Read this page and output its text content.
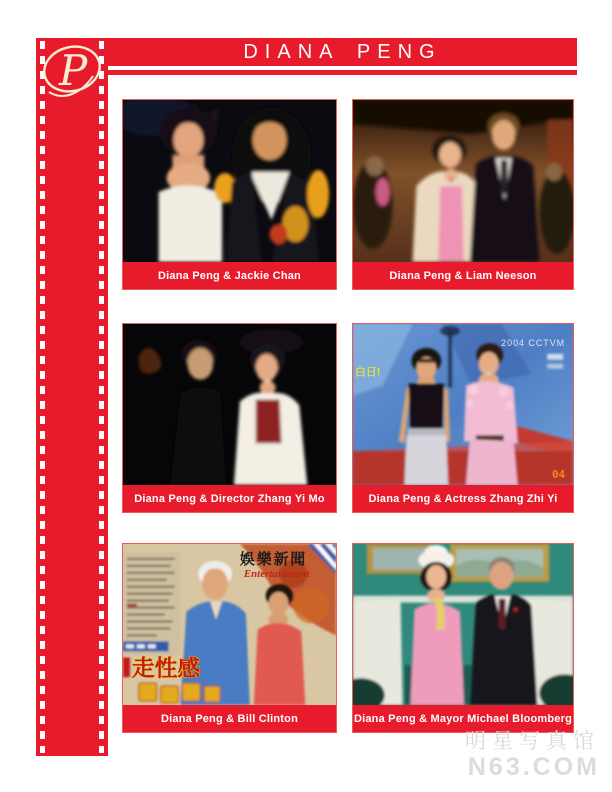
DIANA PENG
P
Diana Peng & Jackie Chan	Diana Peng & Liam Neeson
Diana Peng & Director Zhang Yi Mo
2004 CCTVM
白日!
04
Diana Peng & Actress Zhang Zhi Yi
娛樂新聞
Entertainment
走性感
Diana Peng & Bill Clinton	Diana Peng & Mayor Michael Bloomberg
明星写真馆
N63.COM
